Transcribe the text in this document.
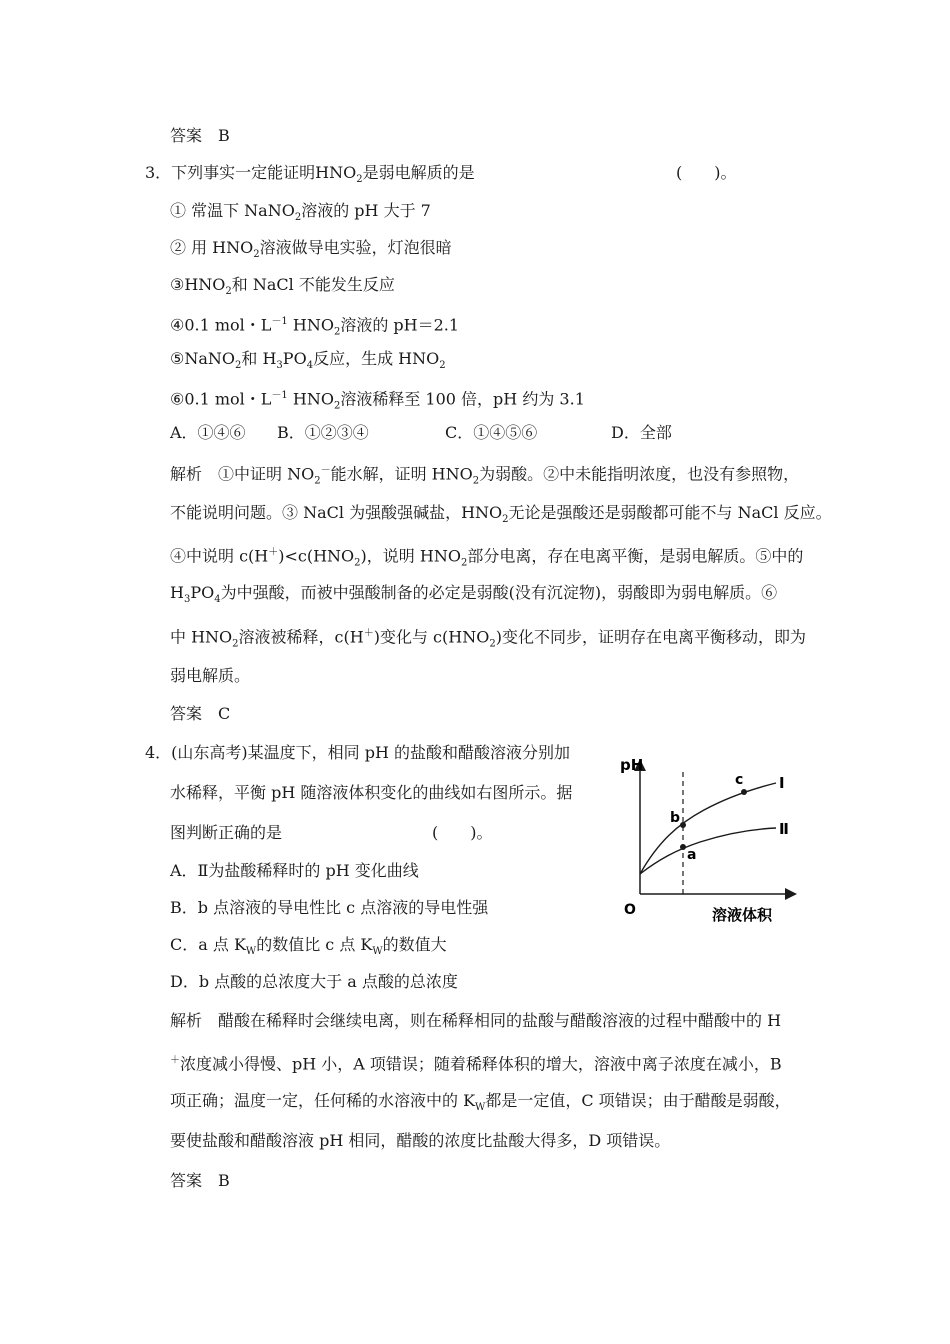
答案　B
3．下列事实一定能证明$HNO_2$是弱电解质的是	(　　)。
① 常温下 NaNO$_2$溶液的 pH 大于 7
② 用 $HNO_2$溶液做导电实验，灯泡很暗
$③HNO_2$和 NaCl 不能发生反应
④0.1 mol・$L^{-1}$ $HNO_2$溶液的 pH＝2.1
⑤NaNO$_2$和 $H_3PO_4$反应，生成 $HNO_2$
⑥0.1 mol・$L^{-1}$ $HNO_2$溶液稀释至 100 倍，pH 约为 3.1
A．①④⑥ B．①②③④	C．①④⑤⑥	D．全部
解析　①中证明 $NO_2^-$能水解，证明 $HNO_2$为弱酸。②中未能指明浓度，也没有参照物，
不能说明问题。③ NaCl 为强酸强碱盐，$HNO_2$无论是强酸还是弱酸都可能不与 NaCl 反应。
④中说明 $c(H^+)<c(HNO_2)$，说明 $HNO_2$部分电离，存在电离平衡，是弱电解质。⑤中的
$H_3PO_4$为中强酸，而被中强酸制备的必定是弱酸(没有沉淀物)，弱酸即为弱电解质。⑥
中 $HNO_2$溶液被稀释，c(H＋)变化与 $c(HNO_2)$变化不同步，证明存在电离平衡移动，即为
弱电解质。
答案　C
4．(山东高考)某温度下，相同 pH 的盐酸和醋酸溶液分别加
水稀释，平衡 pH 随溶液体积变化的曲线如右图所示。据
图判断正确的是	(　　)。
A．Ⅱ为盐酸稀释时的 pH 变化曲线
B．b 点溶液的导电性比 c 点溶液的导电性强
C．a 点 $K_W$的数值比 c 点 $K_W$的数值大
D．b 点酸的总浓度大于 a 点酸的总浓度
解析　醋酸在稀释时会继续电离，则在稀释相同的盐酸与醋酸溶液的过程中醋酸中的 H
＋浓度减小得慢、pH 小，A 项错误；随着稀释体积的增大，溶液中离子浓度在减小，B
项正确；温度一定，任何稀的水溶液中的 $K_W$都是一定值，C 项错误；由于醋酸是弱酸，
要使盐酸和醋酸溶液 pH 相同，醋酸的浓度比盐酸大得多，D 项错误。
答案　B
pH
O	溶液体积
b
a
c Ⅰ
Ⅱ
